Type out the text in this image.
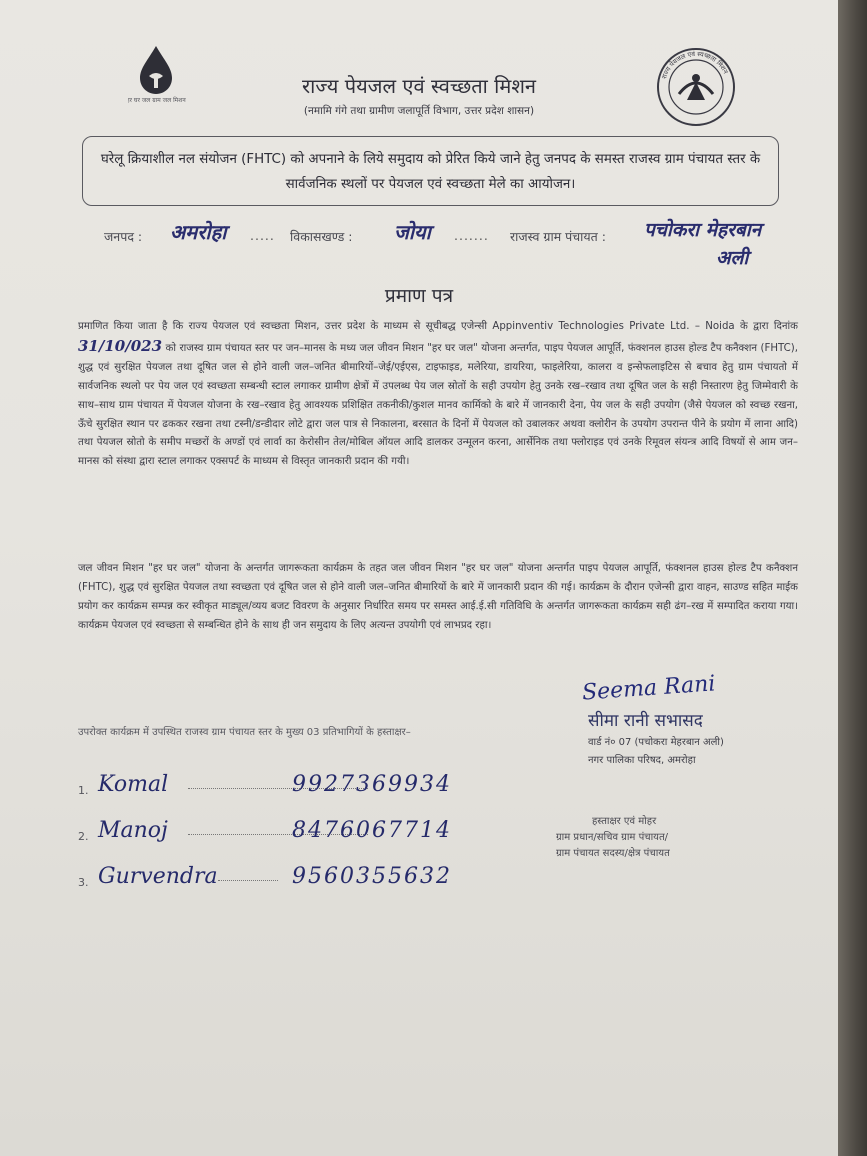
हर घर जल ग्राम जल मिशन
राज्य पेयजल एवं स्वच्छता मिशन
(नमामि गंगे तथा ग्रामीण जलापूर्ति विभाग, उत्तर प्रदेश शासन)
राज्य पेयजल एवं स्वच्छता मिशन
घरेलू क्रियाशील नल संयोजन (FHTC) को अपनाने के लिये समुदाय को प्रेरित किये जाने हेतु जनपद के समस्त राजस्व ग्राम पंचायत स्तर के सार्वजनिक स्थलों पर पेयजल एवं स्वच्छता मेले का आयोजन।
जनपद : अमरोहा ..... विकासखण्ड : जोया ....... राजस्व ग्राम पंचायत : पचोकरा मेहरबान
अली
प्रमाण पत्र
प्रमाणित किया जाता है कि राज्य पेयजल एवं स्वच्छता मिशन, उत्तर प्रदेश के माध्यम से सूचीबद्ध एजेन्सी Appinventiv Technologies Private Ltd. – Noida के द्वारा दिनांक 31/10/023 को राजस्व ग्राम पंचायत स्तर पर जन–मानस के मध्य जल जीवन मिशन "हर घर जल" योजना अन्तर्गत, पाइप पेयजल आपूर्ति, फंक्शनल हाउस होल्ड टैप कनैक्शन (FHTC), शुद्ध एवं सुरक्षित पेयजल तथा दूषित जल से होने वाली जल–जनित बीमारियों–जेई/एईएस, टाइफाइड, मलेरिया, डायरिया, फाइलेरिया, कालरा व इन्सेफलाइटिस से बचाव हेतु ग्राम पंचायतो में सार्वजनिक स्थलो पर पेय जल एवं स्वच्छता सम्बन्धी स्टाल लगाकर ग्रामीण क्षेत्रों में उपलब्ध पेय जल स्रोतों के सही उपयोग हेतु उनके रख–रखाव तथा दूषित जल के सही निस्तारण हेतु जिम्मेवारी के साथ–साथ ग्राम पंचायत में पेयजल योजना के रख–रखाव हेतु आवश्यक प्रशिक्षित तकनीकी/कुशल मानव कार्मिको के बारे में जानकारी देना, पेय जल के सही उपयोग (जैसे पेयजल को स्वच्छ रखना, ऊँचे सुरक्षित स्थान पर ढककर रखना तथा टस्नी/डन्डीदार लोटे द्वारा जल पात्र से निकालना, बरसात के दिनों में पेयजल को उबालकर अथवा क्लोरीन के उपयोग उपरान्त पीने के प्रयोग में लाना आदि) तथा पेयजल स्रोतो के समीप मच्छरों के अण्डों एवं लार्वा का केरोसीन तेल/मोबिल ऑयल आदि डालकर उन्मूलन करना, आर्सेनिक तथा फ्लोराइड एवं उनके रिमूवल संयन्त्र आदि विषयों से आम जन–मानस को संस्था द्वारा स्टाल लगाकर एक्सपर्ट के माध्यम से विस्तृत जानकारी प्रदान की गयी।
जल जीवन मिशन "हर घर जल" योजना के अन्तर्गत जागरूकता कार्यक्रम के तहत जल जीवन मिशन "हर घर जल" योजना अन्तर्गत पाइप पेयजल आपूर्ति, फंक्शनल हाउस होल्ड टैप कनैक्शन (FHTC), शुद्ध एवं सुरक्षित पेयजल तथा स्वच्छता एवं दूषित जल से होने वाली जल–जनित बीमारियों के बारे में जानकारी प्रदान की गई। कार्यक्रम के दौरान एजेन्सी द्वारा वाहन, साउण्ड सहित माईक प्रयोग कर कार्यक्रम सम्पन्न कर स्वीकृत माड्यूल/व्यय बजट विवरण के अनुसार निर्धारित समय पर समस्त आई.ई.सी गतिविधि के अन्तर्गत जागरूकता कार्यक्रम सही ढंग–रख में सम्पादित कराया गया। कार्यक्रम पेयजल एवं स्वच्छता से सम्बन्धित होने के साथ ही जन समुदाय के लिए अत्यन्त उपयोगी एवं लाभप्रद रहा।
Seema Rani
सीमा रानी सभासद
वार्ड नं० 07 (पचोकरा मेहरबान अली)
नगर पालिका परिषद, अमरोहा
उपरोक्त कार्यक्रम में उपस्थित राजस्व ग्राम पंचायत स्तर के मुख्य 03 प्रतिभागियों के हस्ताक्षर–
हस्ताक्षर एवं मोहर
ग्राम प्रधान/सचिव ग्राम पंचायत/
ग्राम पंचायत सदस्य/क्षेत्र पंचायत
1. Komal	9927369934
2. Manoj	8476067714
3. Gurvendra	9560355632
